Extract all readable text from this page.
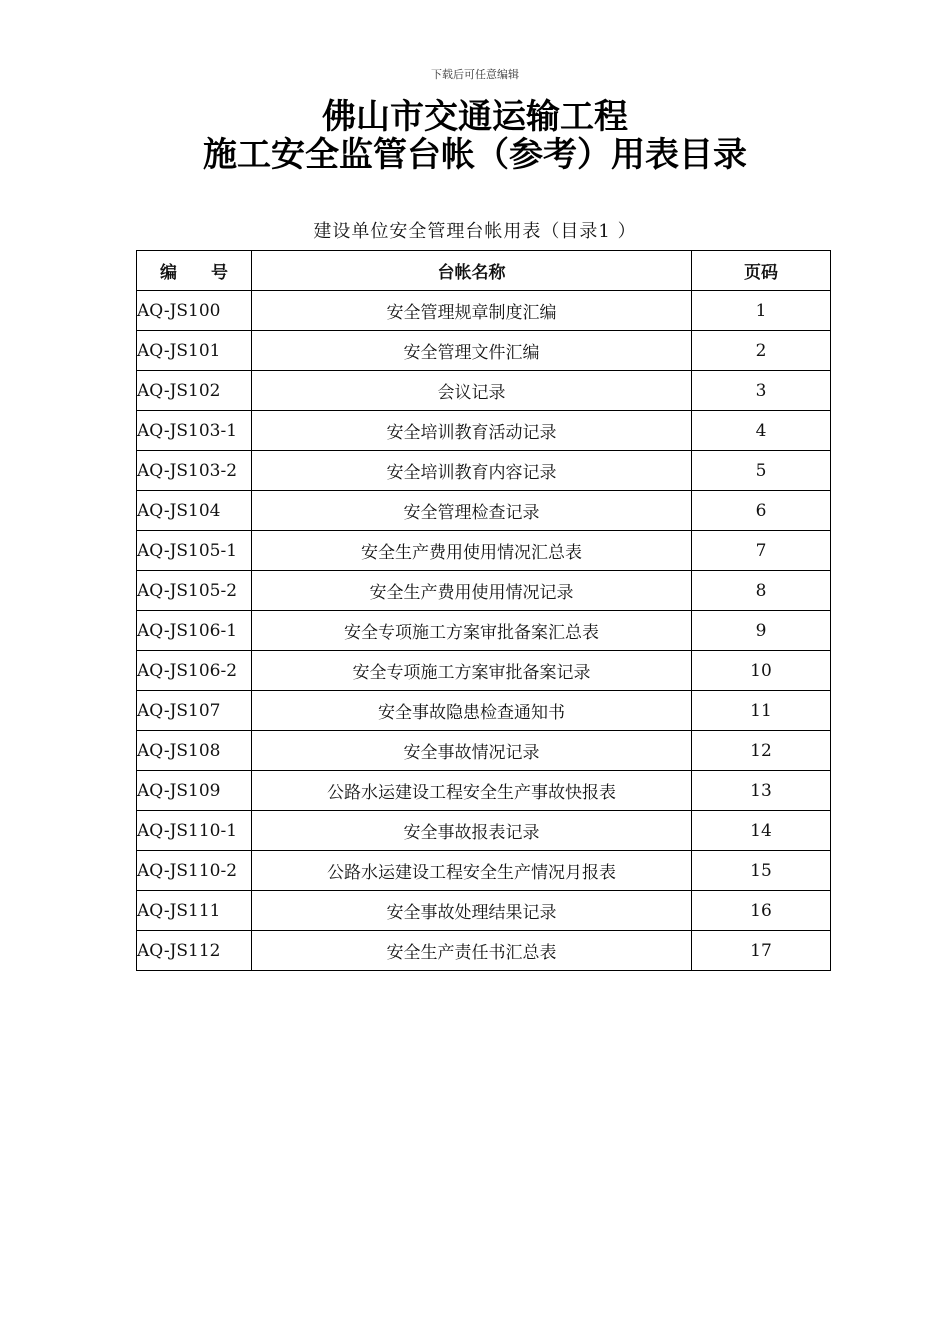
下载后可任意编辑
佛山市交通运输工程
施工安全监管台帐（参考）用表目录
建设单位安全管理台帐用表（目录1 ）
编　　号	台帐名称	页码
AQ-JS100	安全管理规章制度汇编	1
AQ-JS101	安全管理文件汇编	2
AQ-JS102	会议记录	3
AQ-JS103-1	安全培训教育活动记录	4
AQ-JS103-2	安全培训教育内容记录	5
AQ-JS104	安全管理检查记录	6
AQ-JS105-1	安全生产费用使用情况汇总表	7
AQ-JS105-2	安全生产费用使用情况记录	8
AQ-JS106-1	安全专项施工方案审批备案汇总表	9
AQ-JS106-2	安全专项施工方案审批备案记录	10
AQ-JS107	安全事故隐患检查通知书	11
AQ-JS108	安全事故情况记录	12
AQ-JS109	公路水运建设工程安全生产事故快报表	13
AQ-JS110-1	安全事故报表记录	14
AQ-JS110-2	公路水运建设工程安全生产情况月报表	15
AQ-JS111	安全事故处理结果记录	16
AQ-JS112	安全生产责任书汇总表	17
